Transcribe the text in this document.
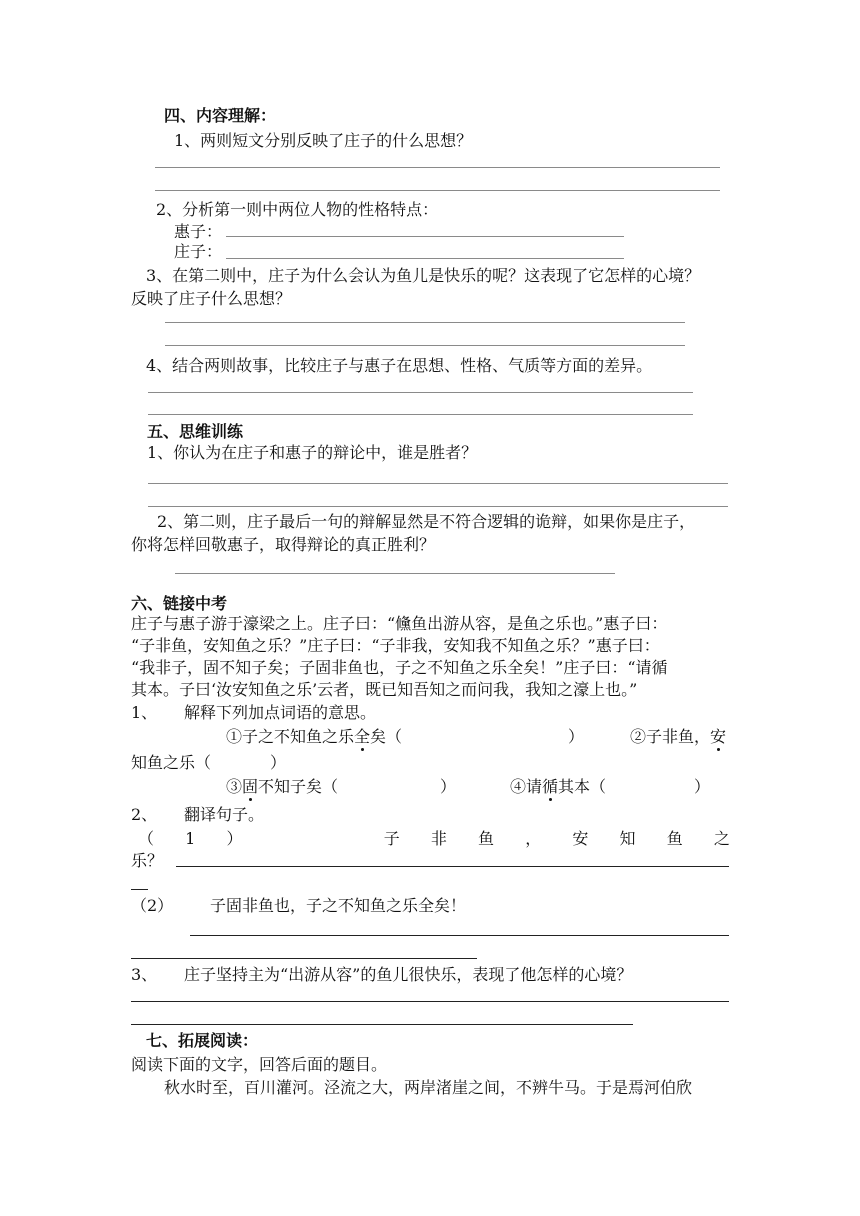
四、内容理解：
1、两则短文分别反映了庄子的什么思想？
2、分析第一则中两位人物的性格特点：
惠子：
庄子：
3、在第二则中，庄子为什么会认为鱼儿是快乐的呢？这表现了它怎样的心境？
反映了庄子什么思想？
4、结合两则故事，比较庄子与惠子在思想、性格、气质等方面的差异。
五、思维训练
1、你认为在庄子和惠子的辩论中，谁是胜者？
2、第二则，庄子最后一句的辩解显然是不符合逻辑的诡辩，如果你是庄子，
你将怎样回敬惠子，取得辩论的真正胜利？
六、链接中考
庄子与惠子游于濠梁之上。庄子曰：“儵鱼出游从容，是鱼之乐也。”惠子曰：
“子非鱼，安知鱼之乐？”庄子曰：“子非我，安知我不知鱼之乐？”惠子曰：
“我非子，固不知子矣；子固非鱼也，子之不知鱼之乐全矣！”庄子曰：“请循
其本。子曰‘汝安知鱼之乐’云者，既已知吾知之而问我，我知之濠上也。”
1、 解释下列加点词语的意思。
①子之不知鱼之乐全矣（	）	②子非鱼，安
知鱼之乐（	）
③固不知子矣（	）	④请循其本（	）
2、 翻译句子。
（ 1 ）	子 非 鱼 ， 安 知 鱼 之
乐？
（2） 子固非鱼也，子之不知鱼之乐全矣！
3、 庄子坚持主为“出游从容”的鱼儿很快乐，表现了他怎样的心境？
七、拓展阅读：
阅读下面的文字，回答后面的题目。
秋水时至，百川灌河。泾流之大，两岸渚崖之间，不辨牛马。于是焉河伯欣
